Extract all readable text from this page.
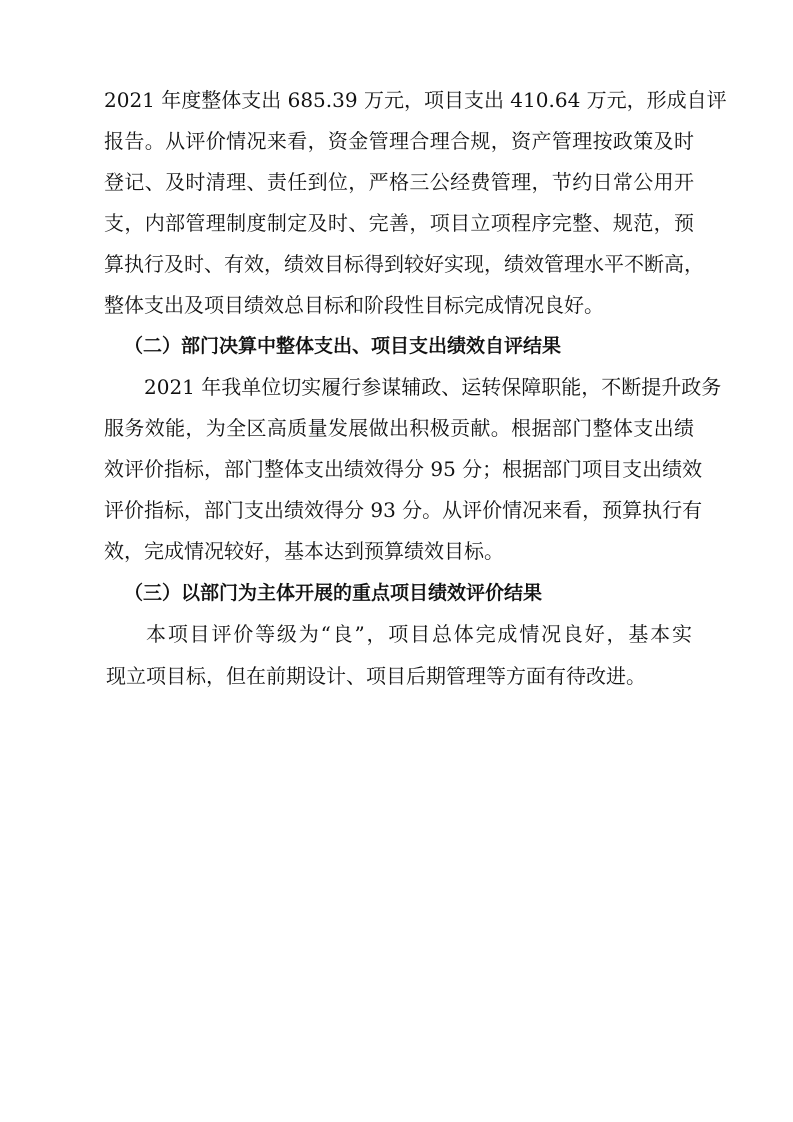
2021 年度整体支出 685.39 万元，项目支出 410.64 万元，形成自评
报告。从评价情况来看，资金管理合理合规，资产管理按政策及时
登记、及时清理、责任到位，严格三公经费管理，节约日常公用开
支，内部管理制度制定及时、完善，项目立项程序完整、规范，预
算执行及时、有效，绩效目标得到较好实现，绩效管理水平不断高，
整体支出及项目绩效总目标和阶段性目标完成情况良好。
（二）部门决算中整体支出、项目支出绩效自评结果
2021 年我单位切实履行参谋辅政、运转保障职能，不断提升政务
服务效能，为全区高质量发展做出积极贡献。根据部门整体支出绩
效评价指标，部门整体支出绩效得分 95 分；根据部门项目支出绩效
评价指标，部门支出绩效得分 93 分。从评价情况来看，预算执行有
效，完成情况较好，基本达到预算绩效目标。
（三）以部门为主体开展的重点项目绩效评价结果
本项目评价等级为“良”，项目总体完成情况良好，基本实
现立项目标，但在前期设计、项目后期管理等方面有待改进。
